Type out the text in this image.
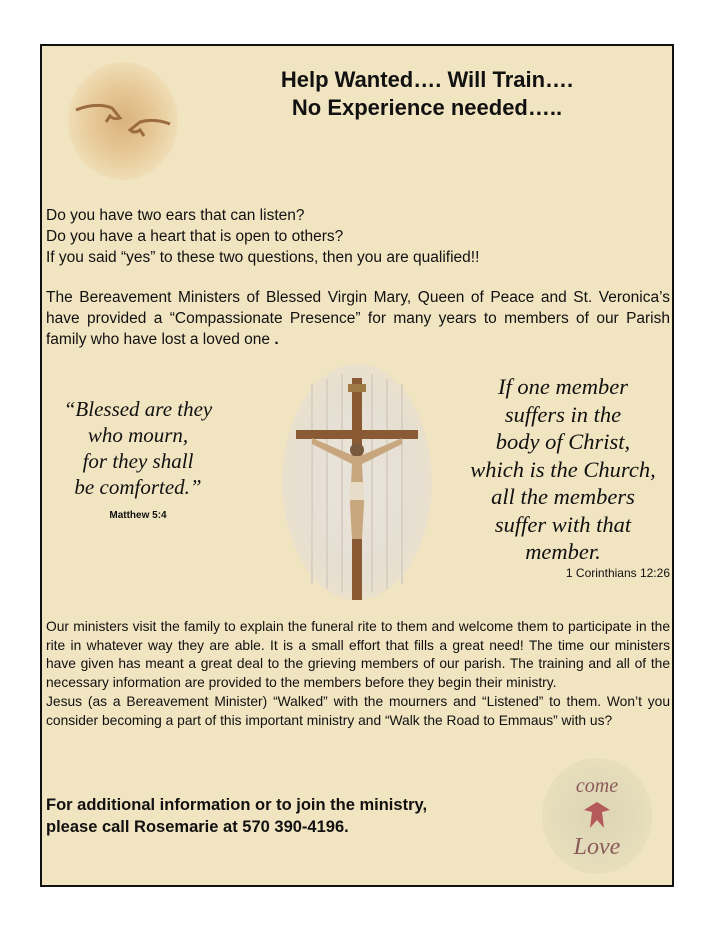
Help Wanted…. Will Train….
No Experience needed…..
Do you have two ears that can listen?
Do you have a heart that is open to others?
If you said “yes” to these two questions, then you are qualified!!

The Bereavement Ministers of Blessed Virgin Mary, Queen of Peace and St. Veronica’s have provided a “Compassionate Presence” for many years to members of our Parish family who have lost a loved one .

“Blessed are they
who mourn,
for they shall
be comforted.”
Matthew 5:4
If one member
suffers in the
body of Christ,
which is the Church,
all the members
suffer with that
member.
1 Corinthians 12:26

Our ministers visit the family to explain the funeral rite to them and welcome them to participate in the rite in whatever way they are able. It is a small effort that fills a great need! The time our ministers have given has meant a great deal to the grieving members of our parish. The training and all of the necessary information are provided to the members before they begin their ministry.

Jesus (as a Bereavement Minister) “Walked” with the mourners and “Listened” to them. Won’t you consider becoming a part of this important ministry and “Walk the Road to Emmaus” with us?

For additional information or to join the ministry,
please call Rosemarie at 570 390-4196.
come
Love
